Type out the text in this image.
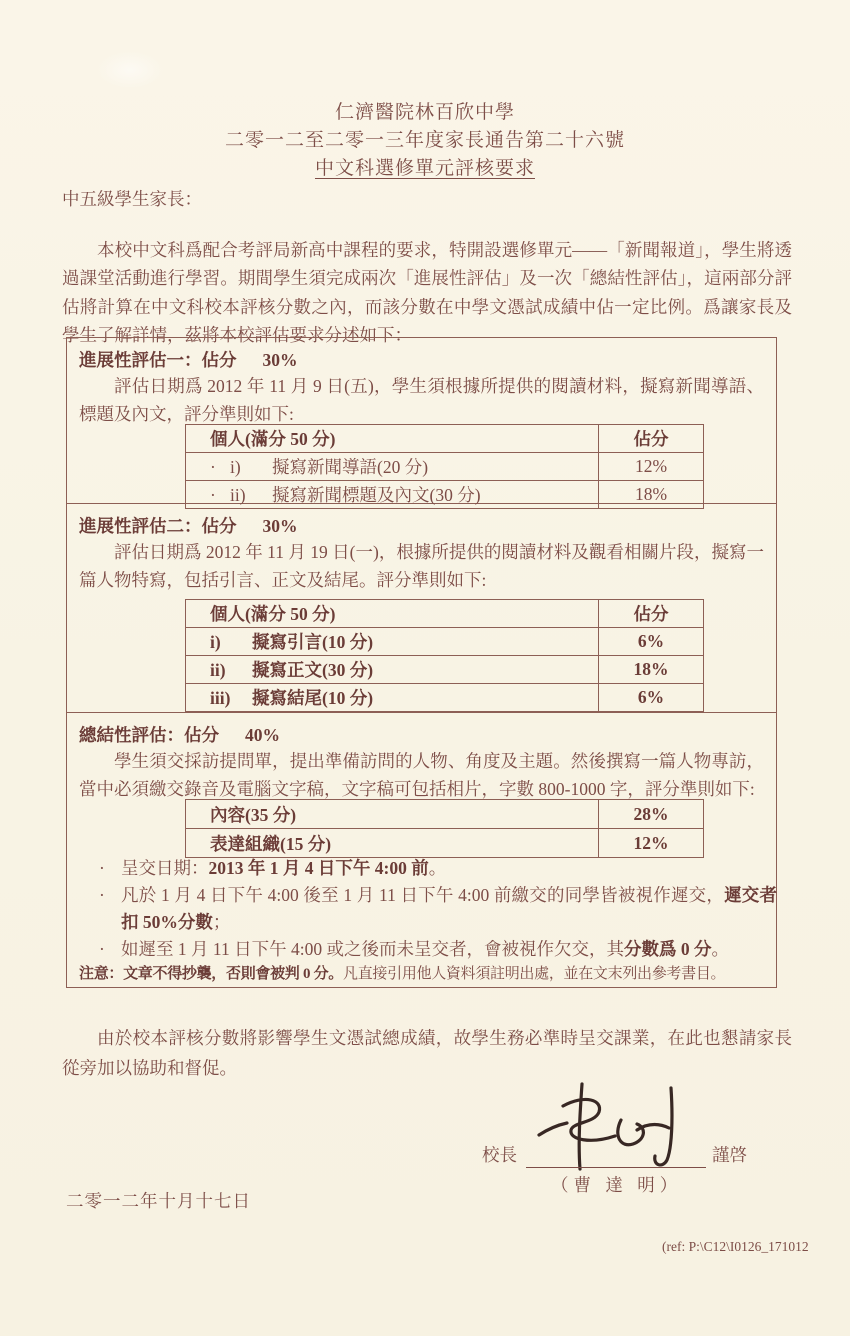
仁濟醫院林百欣中學
二零一二至二零一三年度家長通告第二十六號
中文科選修單元評核要求
中五級學生家長：

本校中文科爲配合考評局新高中課程的要求，特開設選修單元——「新聞報道」，學生將透過課堂活動進行學習。期間學生須完成兩次「進展性評估」及一次「總結性評估」，這兩部分評估將計算在中文科校本評核分數之內，而該分數在中學文憑試成績中佔一定比例。爲讓家長及學生了解詳情，茲將本校評估要求分述如下：

進展性評估一：佔分 30%
評估日期爲 2012 年 11 月 9 日(五)，學生須根據所提供的閱讀材料，擬寫新聞導語、標題及內文，評分準則如下:
個人(滿分 50 分)	佔分
· i) 擬寫新聞導語(20 分)	12%
· ii) 擬寫新聞標題及內文(30 分)	18%
進展性評估二：佔分 30%
評估日期爲 2012 年 11 月 19 日(一)，根據所提供的閱讀材料及觀看相關片段，擬寫一篇人物特寫，包括引言、正文及結尾。評分準則如下:
個人(滿分 50 分)	佔分
i) 擬寫引言(10 分)	6%
ii) 擬寫正文(30 分)	18%
iii) 擬寫結尾(10 分)	6%
總結性評估：佔分 40%
學生須交採訪提問單，提出準備訪問的人物、角度及主題。然後撰寫一篇人物專訪，當中必須繳交錄音及電腦文字稿，文字稿可包括相片，字數 800-1000 字，評分準則如下:
內容(35 分)	28%
表達組織(15 分)	12%
· 呈交日期：2013 年 1 月 4 日下午 4:00 前。
· 凡於 1 月 4 日下午 4:00 後至 1 月 11 日下午 4:00 前繳交的同學皆被視作遲交，遲交者扣 50%分數；
· 如遲至 1 月 11 日下午 4:00 或之後而未呈交者，會被視作欠交，其分數爲 0 分。
注意：文章不得抄襲，否則會被判 0 分。凡直接引用他人資料須註明出處，並在文末列出參考書目。

由於校本評核分數將影響學生文憑試總成績，故學生務必準時呈交課業，在此也懇請家長從旁加以協助和督促。

校長	謹啓
（曹 達 明）
二零一二年十月十七日
(ref: P:\C12\I0126_171012
